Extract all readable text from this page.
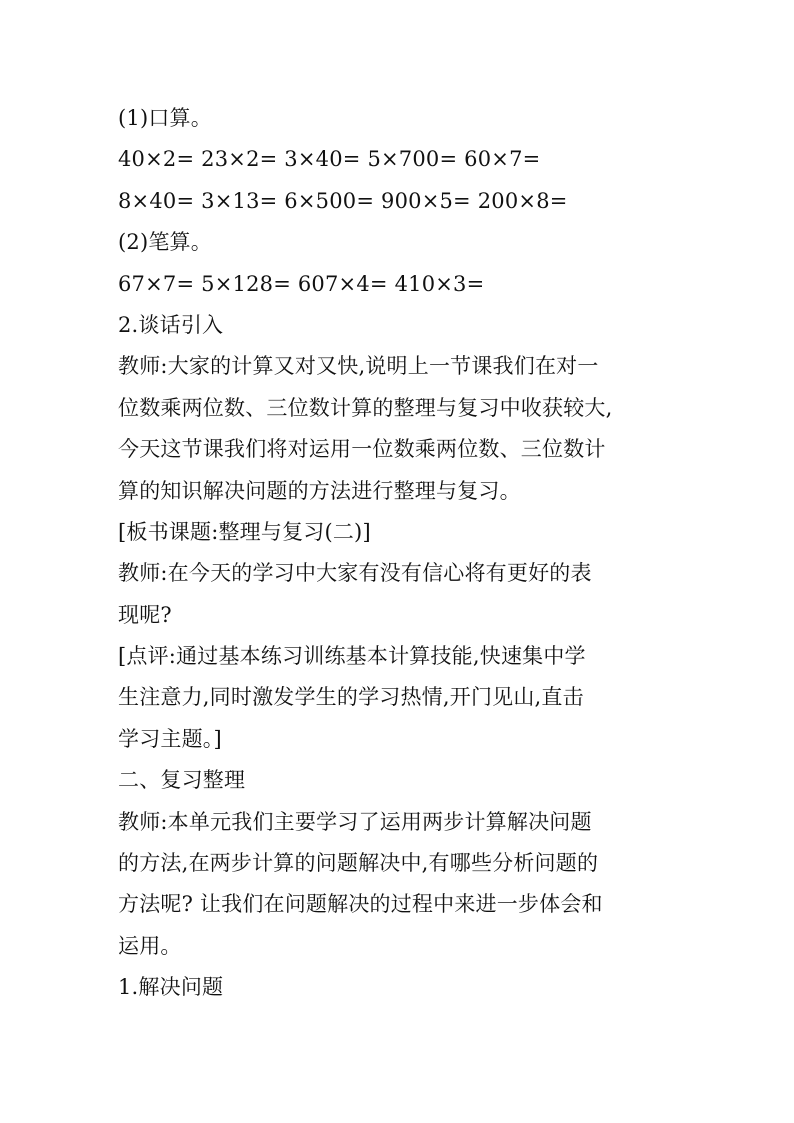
(1)口算。
40×2= 23×2= 3×40= 5×700= 60×7=
8×40= 3×13= 6×500= 900×5= 200×8=
(2)笔算。
67×7= 5×128= 607×4= 410×3=
2.谈话引入
教师:大家的计算又对又快,说明上一节课我们在对一
位数乘两位数、三位数计算的整理与复习中收获较大,
今天这节课我们将对运用一位数乘两位数、三位数计
算的知识解决问题的方法进行整理与复习。
[板书课题:整理与复习(二)]
教师:在今天的学习中大家有没有信心将有更好的表
现呢?
[点评:通过基本练习训练基本计算技能,快速集中学
生注意力,同时激发学生的学习热情,开门见山,直击
学习主题。]
二、复习整理
教师:本单元我们主要学习了运用两步计算解决问题
的方法,在两步计算的问题解决中,有哪些分析问题的
方法呢? 让我们在问题解决的过程中来进一步体会和
运用。
1.解决问题
